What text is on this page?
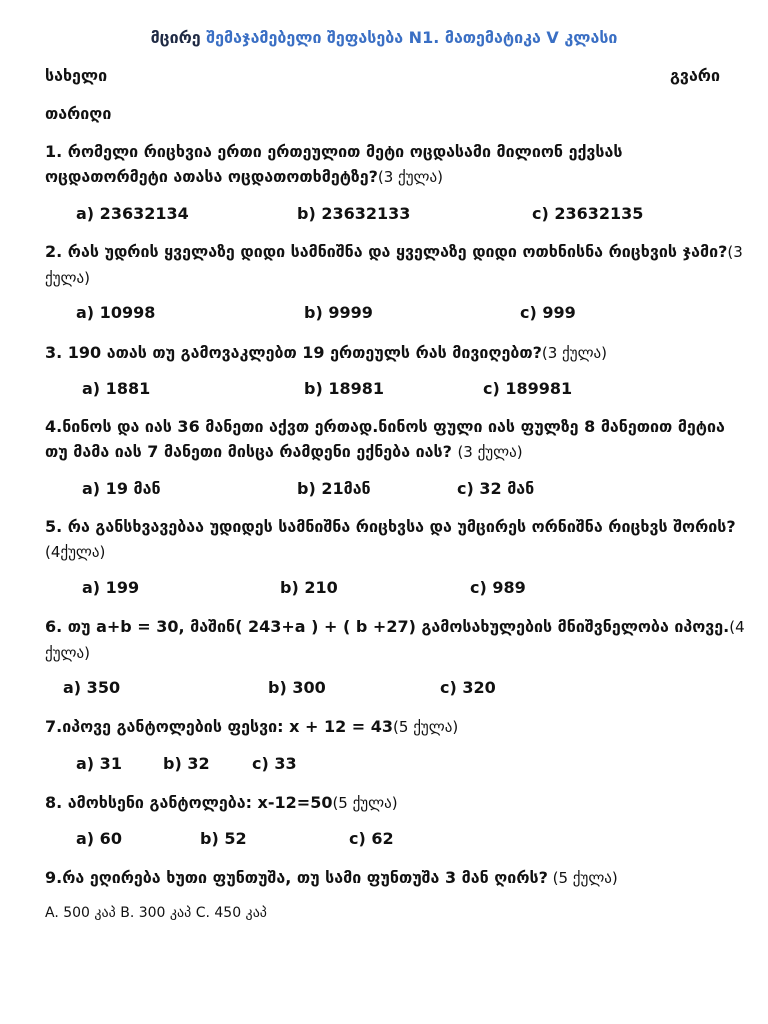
მცირე შემაჯამებელი შეფასება N1. მათემატიკა V კლასი
სახელი	გვარი
თარიღი
1. რომელი რიცხვია ერთი ერთეულით მეტი ოცდასამი მილიონ ექვსას ოცდათორმეტი ათასა ოცდათოთხმეტზე?(3 ქულა)
a) 23632134	b) 23632133	c) 23632135
2. რას უდრის ყველაზე დიდი სამნიშნა და ყველაზე დიდი ოთხნისნა რიცხვის ჯამი?(3 ქულა)
a) 10998	b) 9999	c) 999
3. 190 ათას თუ გამოვაკლებთ 19 ერთეულს რას მივიღებთ?(3 ქულა)
a) 1881	b) 18981	c) 189981
4.ნინოს და იას 36 მანეთი აქვთ ერთად.ნინოს ფული იას ფულზე 8 მანეთით მეტია თუ მამა იას 7 მანეთი მისცა რამდენი ექნება იას? (3 ქულა)
a) 19 მან	b) 21მან	c) 32 მან
5. რა განსხვავებაა უდიდეს სამნიშნა რიცხვსა და უმცირეს ორნიშნა რიცხვს შორის?(4ქულა)
a) 199	b) 210	c) 989
6. თუ a+b = 30, მაშინ( 243+a ) + ( b +27) გამოსახულების მნიშვნელობა იპოვე.(4 ქულა)
a) 350	b) 300	c) 320
7.იპოვე განტოლების ფესვი: x + 12 = 43(5 ქულა)
a) 31	b) 32	c) 33
8. ამოხსენი განტოლება: x-12=50(5 ქულა)
a) 60	b) 52	c) 62
9.რა ეღირება ხუთი ფუნთუშა, თუ სამი ფუნთუშა 3 მან ღირს? (5 ქულა)
A. 500 კაპ B. 300 კაპ C. 450 კაპ
